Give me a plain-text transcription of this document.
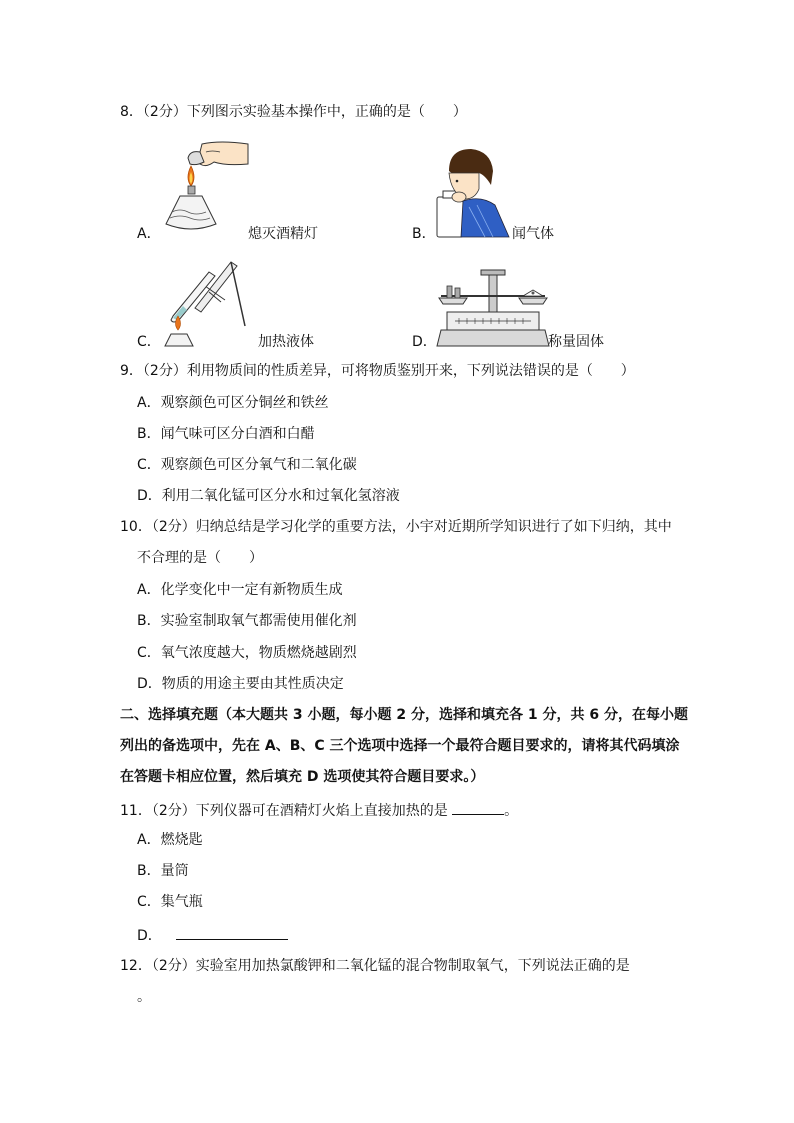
8．（2分）下列图示实验基本操作中，正确的是（　　）
A．	熄灭酒精灯	B．	闻气体
C．	加热液体	D．	称量固体
9．（2分）利用物质间的性质差异，可将物质鉴别开来，下列说法错误的是（　　）
A．观察颜色可区分铜丝和铁丝
B．闻气味可区分白酒和白醋
C．观察颜色可区分氧气和二氧化碳
D．利用二氧化锰可区分水和过氧化氢溶液
10．（2分）归纳总结是学习化学的重要方法，小宇对近期所学知识进行了如下归纳，其中
不合理的是（　　）
A．化学变化中一定有新物质生成
B．实验室制取氧气都需使用催化剂
C．氧气浓度越大，物质燃烧越剧烈
D．物质的用途主要由其性质决定
二、选择填充题（本大题共 3 小题，每小题 2 分，选择和填充各 1 分，共 6 分，在每小题
列出的备选项中，先在 A、B、C 三个选项中选择一个最符合题目要求的，请将其代码填涂
在答题卡相应位置，然后填充 D 选项使其符合题目要求。）
11．（2分）下列仪器可在酒精灯火焰上直接加热的是	。
A．燃烧匙
B．量筒
C．集气瓶
D．
12．（2分）实验室用加热氯酸钾和二氧化锰的混合物制取氧气，下列说法正确的是
。
